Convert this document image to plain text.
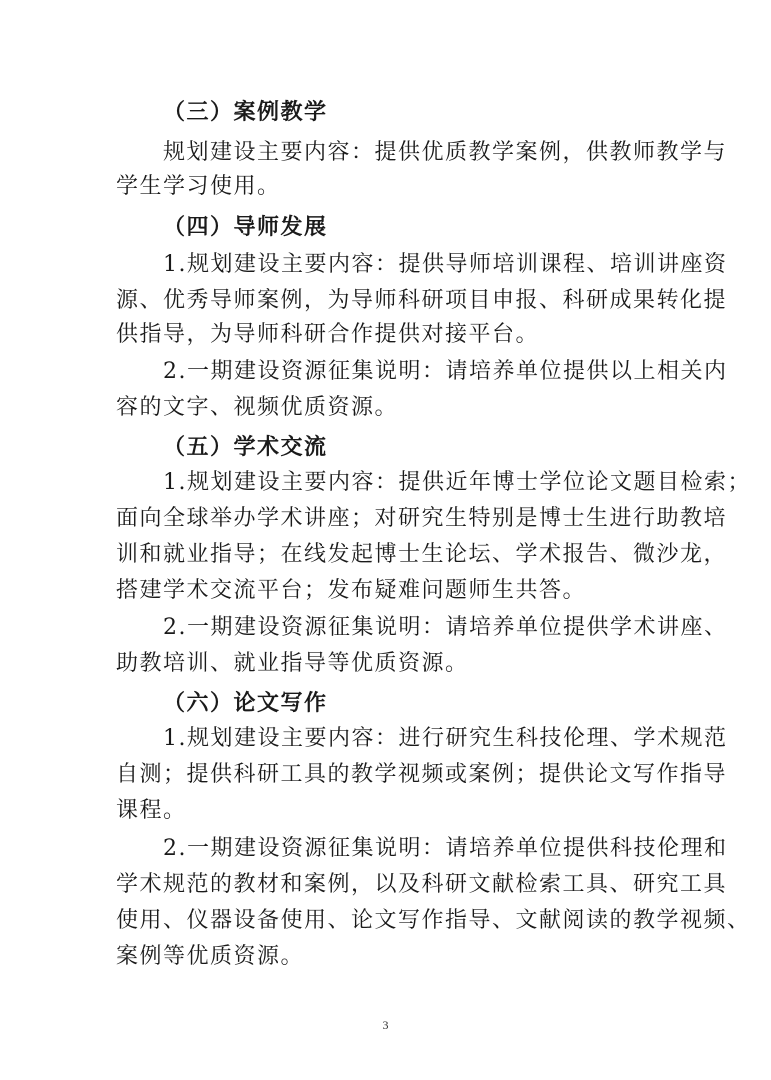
（三）案例教学
规划建设主要内容：提供优质教学案例，供教师教学与
学生学习使用。
（四）导师发展
1.规划建设主要内容：提供导师培训课程、培训讲座资
源、优秀导师案例，为导师科研项目申报、科研成果转化提
供指导，为导师科研合作提供对接平台。
2.一期建设资源征集说明：请培养单位提供以上相关内
容的文字、视频优质资源。
（五）学术交流
1.规划建设主要内容：提供近年博士学位论文题目检索；
面向全球举办学术讲座；对研究生特别是博士生进行助教培
训和就业指导；在线发起博士生论坛、学术报告、微沙龙，
搭建学术交流平台；发布疑难问题师生共答。
2.一期建设资源征集说明：请培养单位提供学术讲座、
助教培训、就业指导等优质资源。
（六）论文写作
1.规划建设主要内容：进行研究生科技伦理、学术规范
自测；提供科研工具的教学视频或案例；提供论文写作指导
课程。
2.一期建设资源征集说明：请培养单位提供科技伦理和
学术规范的教材和案例，以及科研文献检索工具、研究工具
使用、仪器设备使用、论文写作指导、文献阅读的教学视频、
案例等优质资源。
3
